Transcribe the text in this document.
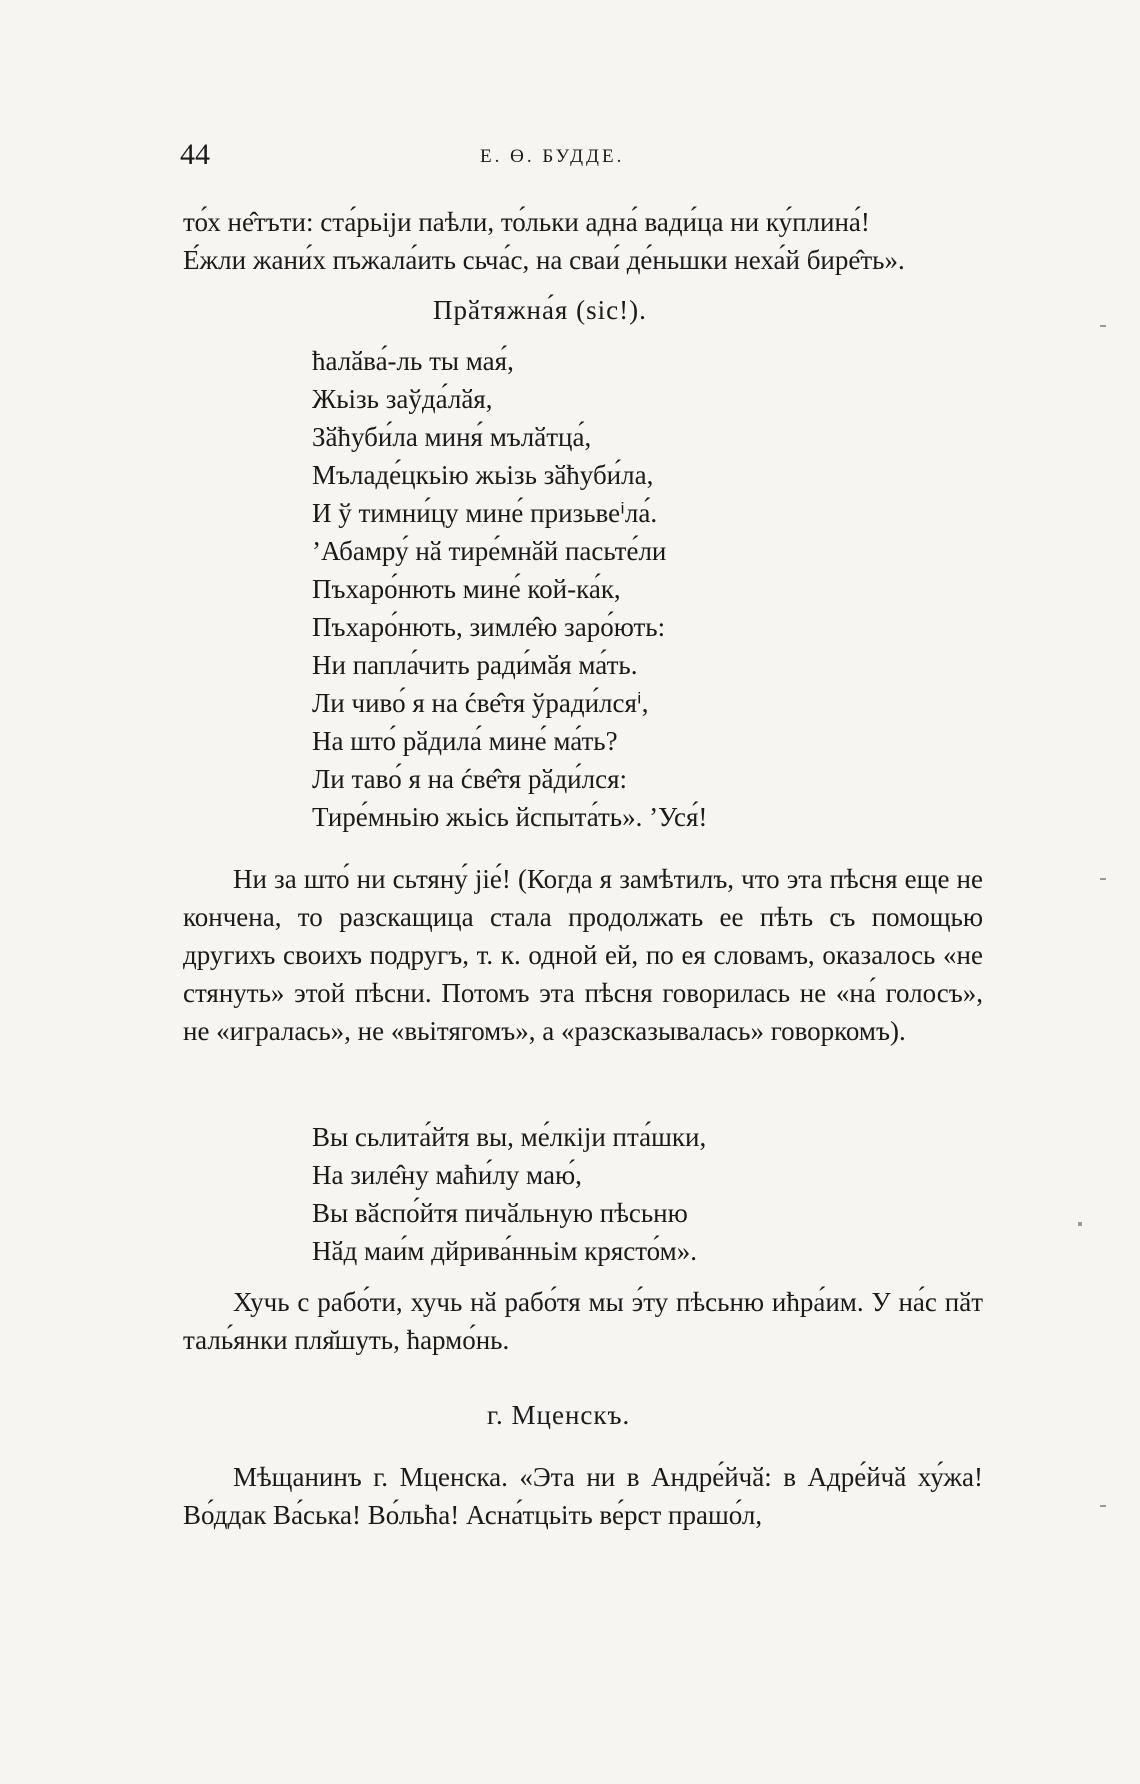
44	Е. Ө. БУДДЕ.

то́х не̂тъти: ста́рьіjи паѣли, то́льки адна́ вади́ца ни ку́плина́!

Е́жли жани́х пъжала́ить сьча́с, на сваи́ де́ньшки неха́й бире̂ть».

Прӑтяжна́я (sic!).
ћалӑва́-ль ты мая́,
Жьізь заўда́лӑя,
Зӑћуби́ла миня́ мълӑтца́,
Мъладе́цкьію жьізь зӑћуби́ла,
И ў тимни́цу мине́ призьвеⁱла́.
’Абамру́ нӑ тире́мнӑй пасьте́ли
Пъхаро́нють мине́ кой-ка́к,
Пъхаро́нють, зимле̂ю заро́ють:
Ни папла́чить ради́мӑя ма́ть.
Ли чиво́ я на ćве̂тя ўради́лсяⁱ,
На што́ рӑдила́ мине́ ма́ть?
Ли таво́ я на ćве̂тя рӑди́лся:
Тире́мньію жьісь йспыта́ть». ’Уся́!

Ни за што́ ни сьтяну́ jiе́! (Когда я замѣтилъ, что эта пѣсня еще не кончена, то разскащица стала продолжать ее пѣть съ помощью другихъ своихъ подругъ, т. к. одной ей, по ея словамъ, оказалось «не стянуть» этой пѣсни. Потомъ эта пѣсня говорилась не «на́ голосъ», не «игралась», не «вьітягомъ», а «разсказывалась» говоркомъ).

Вы сьлита́йтя вы, ме́лкijи пта́шки,
На зиле̂ну маћи́лу маю́,
Вы вӑспо́йтя пичӑльную пѣсьню
Нӑд маи́м дйрива́нньім крясто́м».

Хучь с рабо́ти, хучь нӑ рабо́тя мы э́ту пѣсьню ићра́им. У на́с пӑт таль́янки пля̆шуть, ћармо́нь.

г. Мценскъ.

Мѣщанинъ г. Мценска. «Эта ни в Андре́йчӑ: в Адре́йчӑ ху́жа! Во́ддак Ва́ська! Во́льћа! Асна́тцьіть ве́рст прашо́л,
